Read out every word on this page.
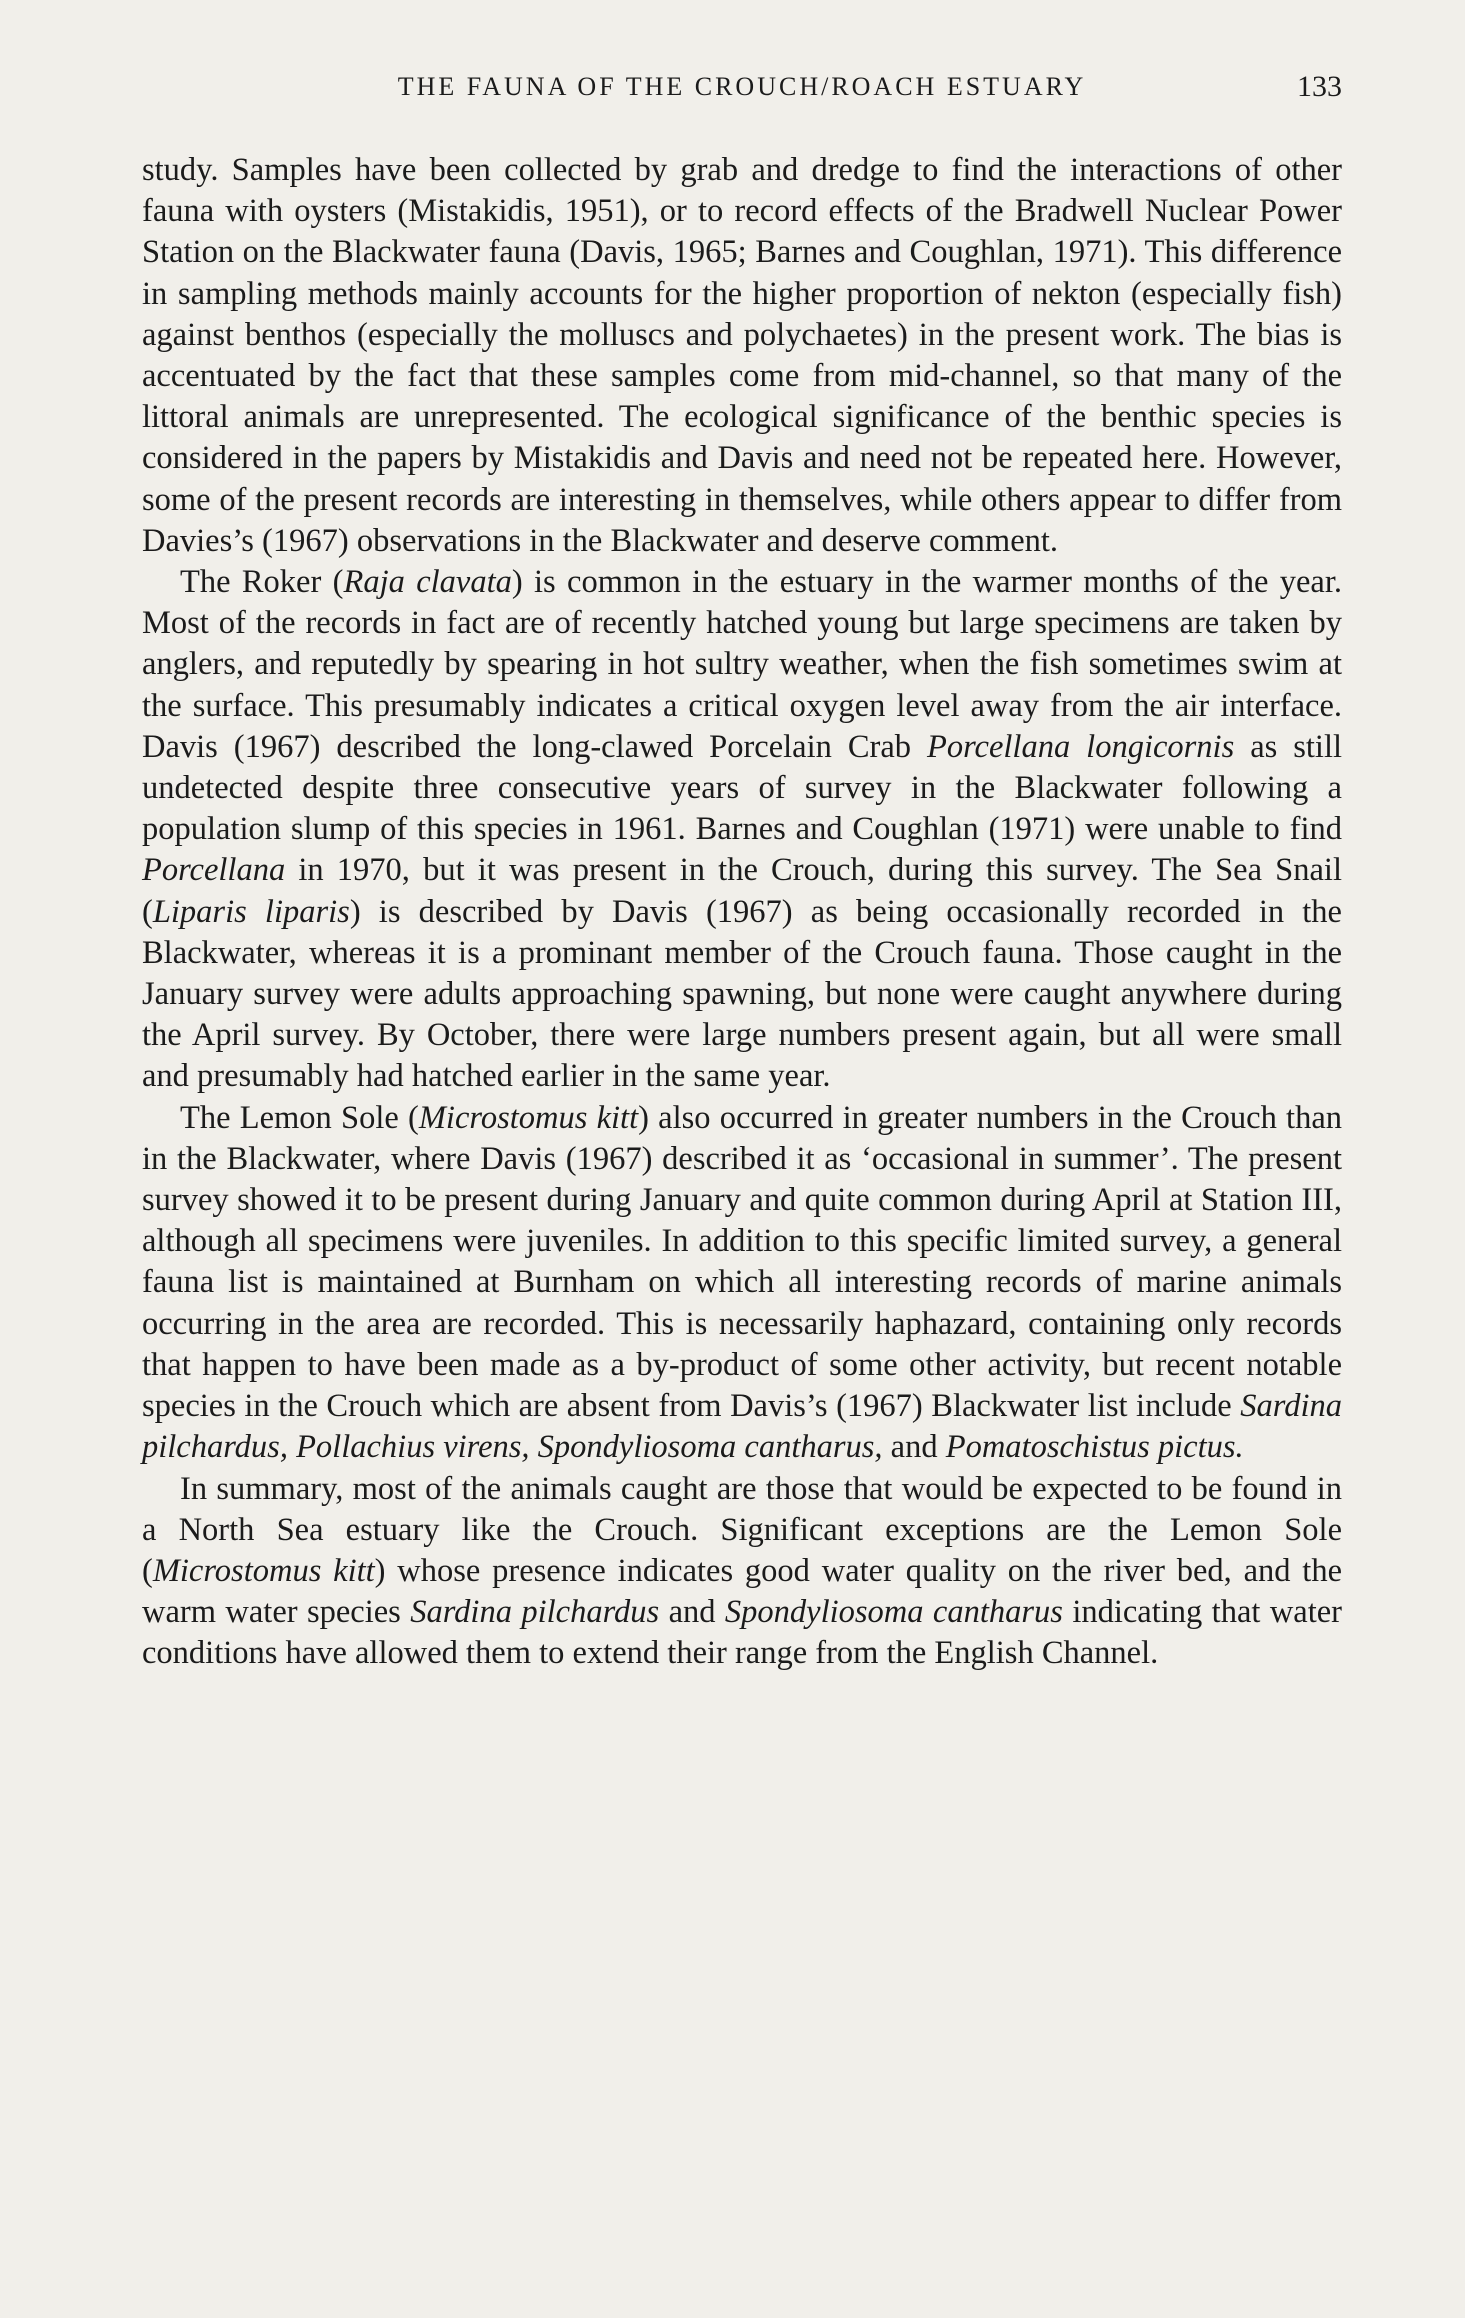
THE FAUNA OF THE CROUCH/ROACH ESTUARY	133

study. Samples have been collected by grab and dredge to find the interactions of other fauna with oysters (Mistakidis, 1951), or to record effects of the Bradwell Nuclear Power Station on the Blackwater fauna (Davis, 1965; Barnes and Coughlan, 1971). This difference in sampling methods mainly accounts for the higher proportion of nekton (especially fish) against benthos (especially the molluscs and polychaetes) in the present work. The bias is accentuated by the fact that these samples come from mid-channel, so that many of the littoral animals are unrepresented. The ecological significance of the benthic species is considered in the papers by Mistakidis and Davis and need not be repeated here. However, some of the present records are interesting in themselves, while others appear to differ from Davies’s (1967) observations in the Blackwater and deserve comment.

The Roker (Raja clavata) is common in the estuary in the warmer months of the year. Most of the records in fact are of recently hatched young but large specimens are taken by anglers, and reputedly by spearing in hot sultry weather, when the fish sometimes swim at the surface. This presumably indicates a critical oxygen level away from the air interface. Davis (1967) described the long-clawed Porcelain Crab Porcellana longicornis as still undetected despite three consecutive years of survey in the Blackwater following a population slump of this species in 1961. Barnes and Coughlan (1971) were unable to find Porcellana in 1970, but it was present in the Crouch, during this survey. The Sea Snail (Liparis liparis) is described by Davis (1967) as being occasionally recorded in the Blackwater, whereas it is a prominant member of the Crouch fauna. Those caught in the January survey were adults approaching spawning, but none were caught anywhere during the April survey. By October, there were large numbers present again, but all were small and presumably had hatched earlier in the same year.

The Lemon Sole (Microstomus kitt) also occurred in greater numbers in the Crouch than in the Blackwater, where Davis (1967) described it as ‘occasional in summer’. The present survey showed it to be present during January and quite common during April at Station III, although all specimens were juveniles. In addition to this specific limited survey, a general fauna list is maintained at Burnham on which all interesting records of marine animals occurring in the area are recorded. This is necessarily haphazard, containing only records that happen to have been made as a by-product of some other activity, but recent notable species in the Crouch which are absent from Davis’s (1967) Blackwater list include Sardina pilchardus, Pollachius virens, Spondyliosoma cantharus, and Pomatoschistus pictus.

In summary, most of the animals caught are those that would be expected to be found in a North Sea estuary like the Crouch. Significant exceptions are the Lemon Sole (Microstomus kitt) whose presence indicates good water quality on the river bed, and the warm water species Sardina pilchardus and Spondyliosoma cantharus indicating that water conditions have allowed them to extend their range from the English Channel.
